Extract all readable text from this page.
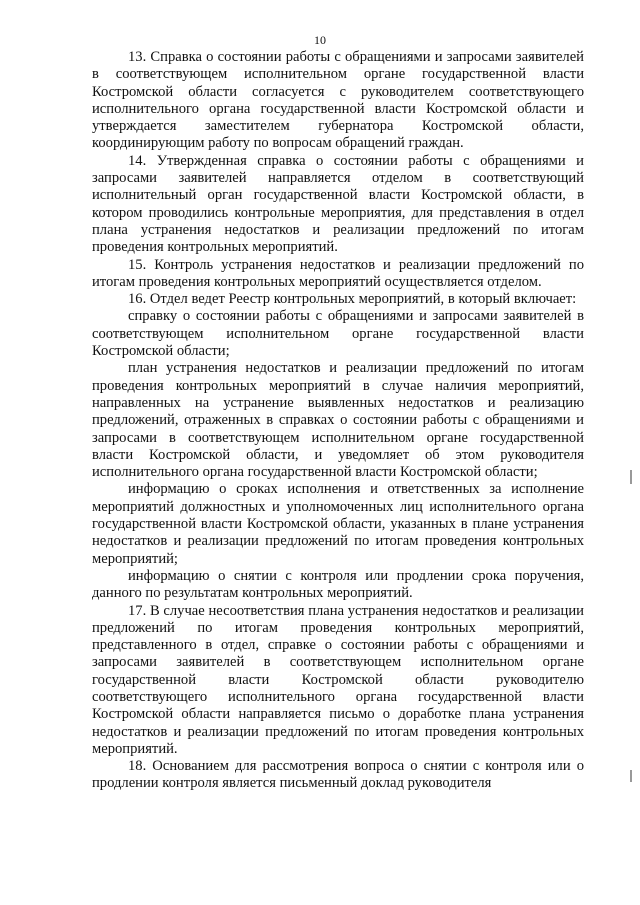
10

13. Справка о состоянии работы с обращениями и запросами заявителей в соответствующем исполнительном органе государственной власти Костромской области согласуется с руководителем соответствующего исполнительного органа государственной власти Костромской области и утверждается заместителем губернатора Костромской области, координирующим работу по вопросам обращений граждан.

14. Утвержденная справка о состоянии работы с обращениями и запросами заявителей направляется отделом в соответствующий исполнительный орган государственной власти Костромской области, в котором проводились контрольные мероприятия, для представления в отдел плана устранения недостатков и реализации предложений по итогам проведения контрольных мероприятий.

15. Контроль устранения недостатков и реализации предложений по итогам проведения контрольных мероприятий осуществляется отделом.

16. Отдел ведет Реестр контрольных мероприятий, в который включает:

справку о состоянии работы с обращениями и запросами заявителей в соответствующем исполнительном органе государственной власти Костромской области;

план устранения недостатков и реализации предложений по итогам проведения контрольных мероприятий в случае наличия мероприятий, направленных на устранение выявленных недостатков и реализацию предложений, отраженных в справках о состоянии работы с обращениями и запросами в соответствующем исполнительном органе государственной власти Костромской области, и уведомляет об этом руководителя исполнительного органа государственной власти Костромской области;

информацию о сроках исполнения и ответственных за исполнение мероприятий должностных и уполномоченных лиц исполнительного органа государственной власти Костромской области, указанных в плане устранения недостатков и реализации предложений по итогам проведения контрольных мероприятий;

информацию о снятии с контроля или продлении срока поручения, данного по результатам контрольных мероприятий.

17. В случае несоответствия плана устранения недостатков и реализации предложений по итогам проведения контрольных мероприятий, представленного в отдел, справке о состоянии работы с обращениями и запросами заявителей в соответствующем исполнительном органе государственной власти Костромской области руководителю соответствующего исполнительного органа государственной власти Костромской области направляется письмо о доработке плана устранения недостатков и реализации предложений по итогам проведения контрольных мероприятий.

18. Основанием для рассмотрения вопроса о снятии с контроля или о продлении контроля является письменный доклад руководителя
